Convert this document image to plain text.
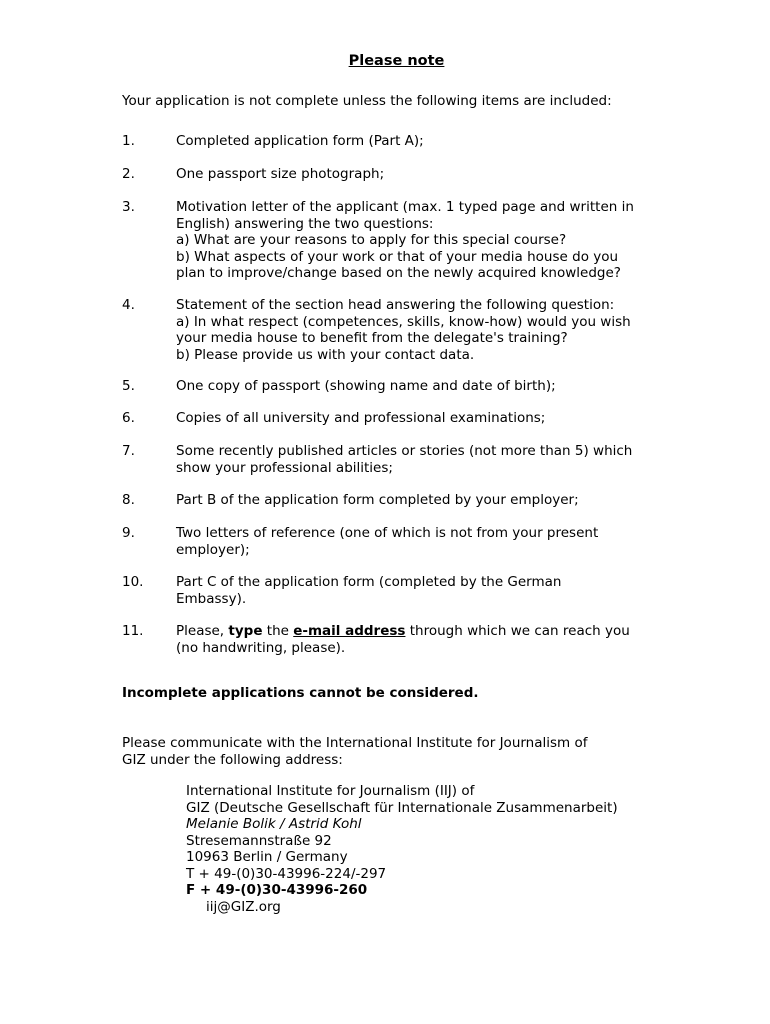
Please note
Your application is not complete unless the following items are included:
1.	Completed application form (Part A);
2.	One passport size photograph;
3.	Motivation letter of the applicant (max. 1 typed page and written in
English) answering the two questions:
a) What are your reasons to apply for this special course?
b) What aspects of your work or that of your media house do you
plan to improve/change based on the newly acquired knowledge?
4.	Statement of the section head answering the following question:
a) In what respect (competences, skills, know-how) would you wish
your media house to benefit from the delegate's training?
b) Please provide us with your contact data.
5.	One copy of passport (showing name and date of birth);
6.	Copies of all university and professional examinations;
7.	Some recently published articles or stories (not more than 5) which
show your professional abilities;
8.	Part B of the application form completed by your employer;
9.	Two letters of reference (one of which is not from your present
employer);
10.	Part C of the application form (completed by the German
Embassy).
11.	Please, type the e-mail address through which we can reach you
(no handwriting, please).
Incomplete applications cannot be considered.
Please communicate with the International Institute for Journalism of
GIZ under the following address:
International Institute for Journalism (IIJ) of
GIZ (Deutsche Gesellschaft für Internationale Zusammenarbeit)
Melanie Bolik / Astrid Kohl
Stresemannstraße 92
10963 Berlin / Germany
T + 49-(0)30-43996-224/-297
F + 49-(0)30-43996-260
iij@GIZ.org
